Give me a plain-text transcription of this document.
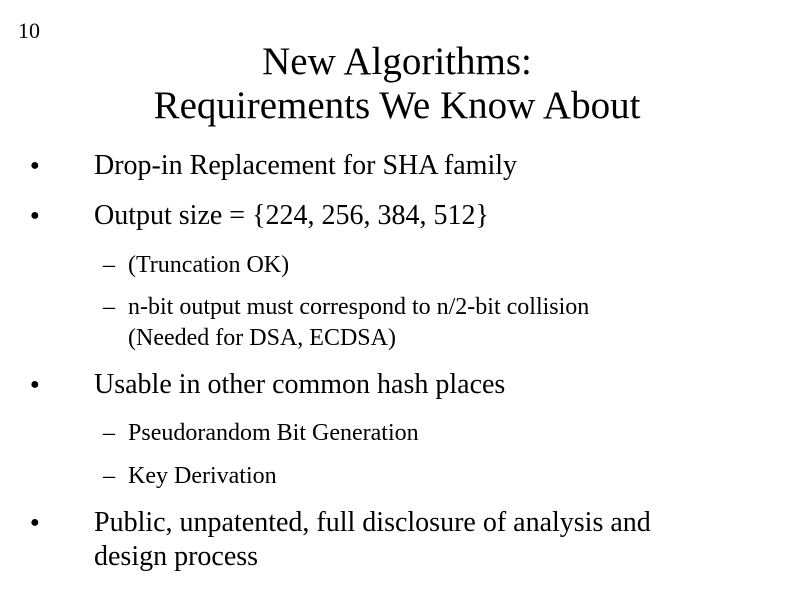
10
New Algorithms:
Requirements We Know About
● Drop-in Replacement for SHA family
● Output size = {224, 256, 384, 512}
– (Truncation OK)
– n-bit output must correspond to n/2-bit collision
(Needed for DSA, ECDSA)
● Usable in other common hash places
– Pseudorandom Bit Generation
– Key Derivation
● Public, unpatented, full disclosure of analysis and
design process
